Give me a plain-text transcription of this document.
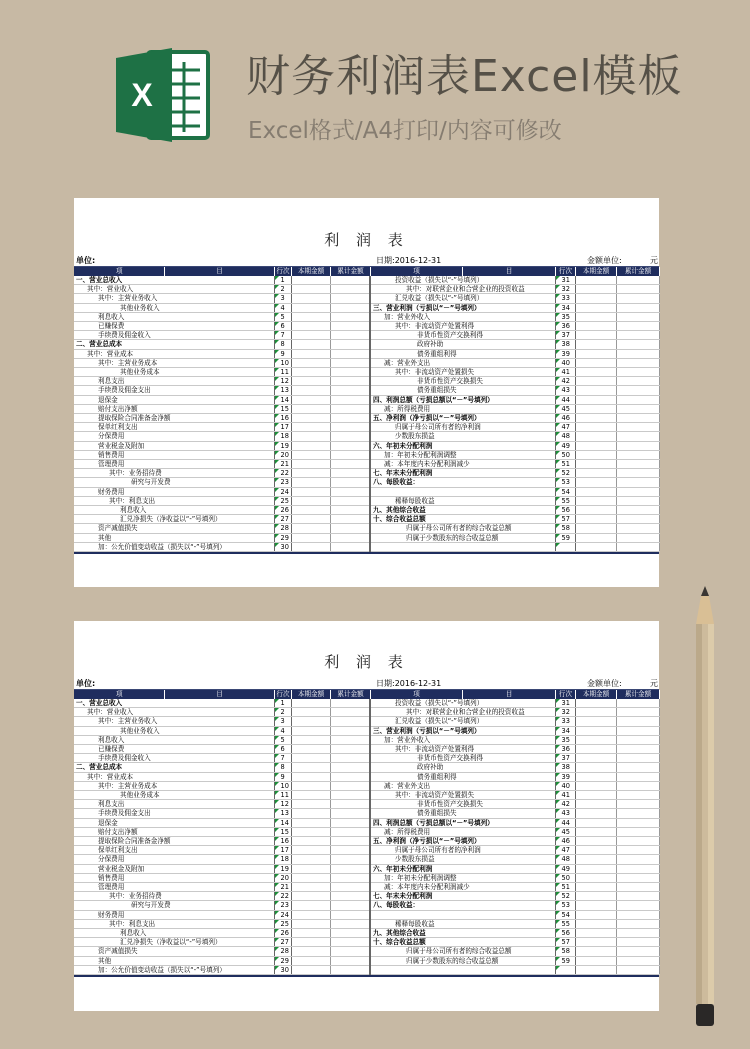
X 财务利润表Excel模板
Excel格式/A4打印/内容可修改
利 润 表
单位:	日期:2016-12-31	金额单位:	元
项	目	行次	本期金额	累计金额	项	目	行次	本期金额	累计金额
一、营业总收入		1			投资收益（损失以“-”号填列）		31		
其中：营业收入		2			其中：对联营企业和合营企业的投资收益		32		
其中：主营业务收入		3			汇兑收益（损失以“-”号填列）		33		
其他业务收入		4			三、营业利润（亏损以“－”号填列）		34		
利息收入		5			加：营业外收入		35		
已赚保费		6			其中：非流动资产处置利得		36		
手续费及佣金收入		7			非货币性资产交换利得		37		
二、营业总成本		8			政府补助		38		
其中：营业成本		9			债务重组利得		39		
其中：主营业务成本		10			减：营业外支出		40		
其他业务成本		11			其中：非流动资产处置损失		41		
利息支出		12			非货币性资产交换损失		42		
手续费及佣金支出		13			债务重组损失		43		
退保金		14			四、利润总额（亏损总额以“－”号填列）		44		
赔付支出净额		15			减：所得税费用		45		
提取保险合同准备金净额		16			五、净利润（净亏损以“－”号填列）		46		
保单红利支出		17			归属于母公司所有者的净利润		47		
分保费用		18			少数股东损益		48		
营业税金及附加		19			六、年初未分配利润		49		
销售费用		20			加：年初未分配利润调整		50		
管理费用		21			减：本年度内未分配利润减少		51		
其中：业务招待费		22			七、年末未分配利润		52		
研究与开发费		23			八、每股收益：		53		
财务费用		24					54		
其中：利息支出		25			稀释每股收益		55		
利息收入		26			九、其他综合收益		56		
汇兑净损失（净收益以“-”号填列）		27			十、综合收益总额		57		
资产减值损失		28			归属于母公司所有者的综合收益总额		58		
其他		29			归属于少数股东的综合收益总额		59		
加：公允价值变动收益（损失以“-”号填列）		30							
利 润 表
单位:	日期:2016-12-31	金额单位:	元
项	目	行次	本期金额	累计金额	项	目	行次	本期金额	累计金额
一、营业总收入		1			投资收益（损失以“-”号填列）		31		
其中：营业收入		2			其中：对联营企业和合营企业的投资收益		32		
其中：主营业务收入		3			汇兑收益（损失以“-”号填列）		33		
其他业务收入		4			三、营业利润（亏损以“－”号填列）		34		
利息收入		5			加：营业外收入		35		
已赚保费		6			其中：非流动资产处置利得		36		
手续费及佣金收入		7			非货币性资产交换利得		37		
二、营业总成本		8			政府补助		38		
其中：营业成本		9			债务重组利得		39		
其中：主营业务成本		10			减：营业外支出		40		
其他业务成本		11			其中：非流动资产处置损失		41		
利息支出		12			非货币性资产交换损失		42		
手续费及佣金支出		13			债务重组损失		43		
退保金		14			四、利润总额（亏损总额以“－”号填列）		44		
赔付支出净额		15			减：所得税费用		45		
提取保险合同准备金净额		16			五、净利润（净亏损以“－”号填列）		46		
保单红利支出		17			归属于母公司所有者的净利润		47		
分保费用		18			少数股东损益		48		
营业税金及附加		19			六、年初未分配利润		49		
销售费用		20			加：年初未分配利润调整		50		
管理费用		21			减：本年度内未分配利润减少		51		
其中：业务招待费		22			七、年末未分配利润		52		
研究与开发费		23			八、每股收益：		53		
财务费用		24					54		
其中：利息支出		25			稀释每股收益		55		
利息收入		26			九、其他综合收益		56		
汇兑净损失（净收益以“-”号填列）		27			十、综合收益总额		57		
资产减值损失		28			归属于母公司所有者的综合收益总额		58		
其他		29			归属于少数股东的综合收益总额		59		
加：公允价值变动收益（损失以“-”号填列）		30							
